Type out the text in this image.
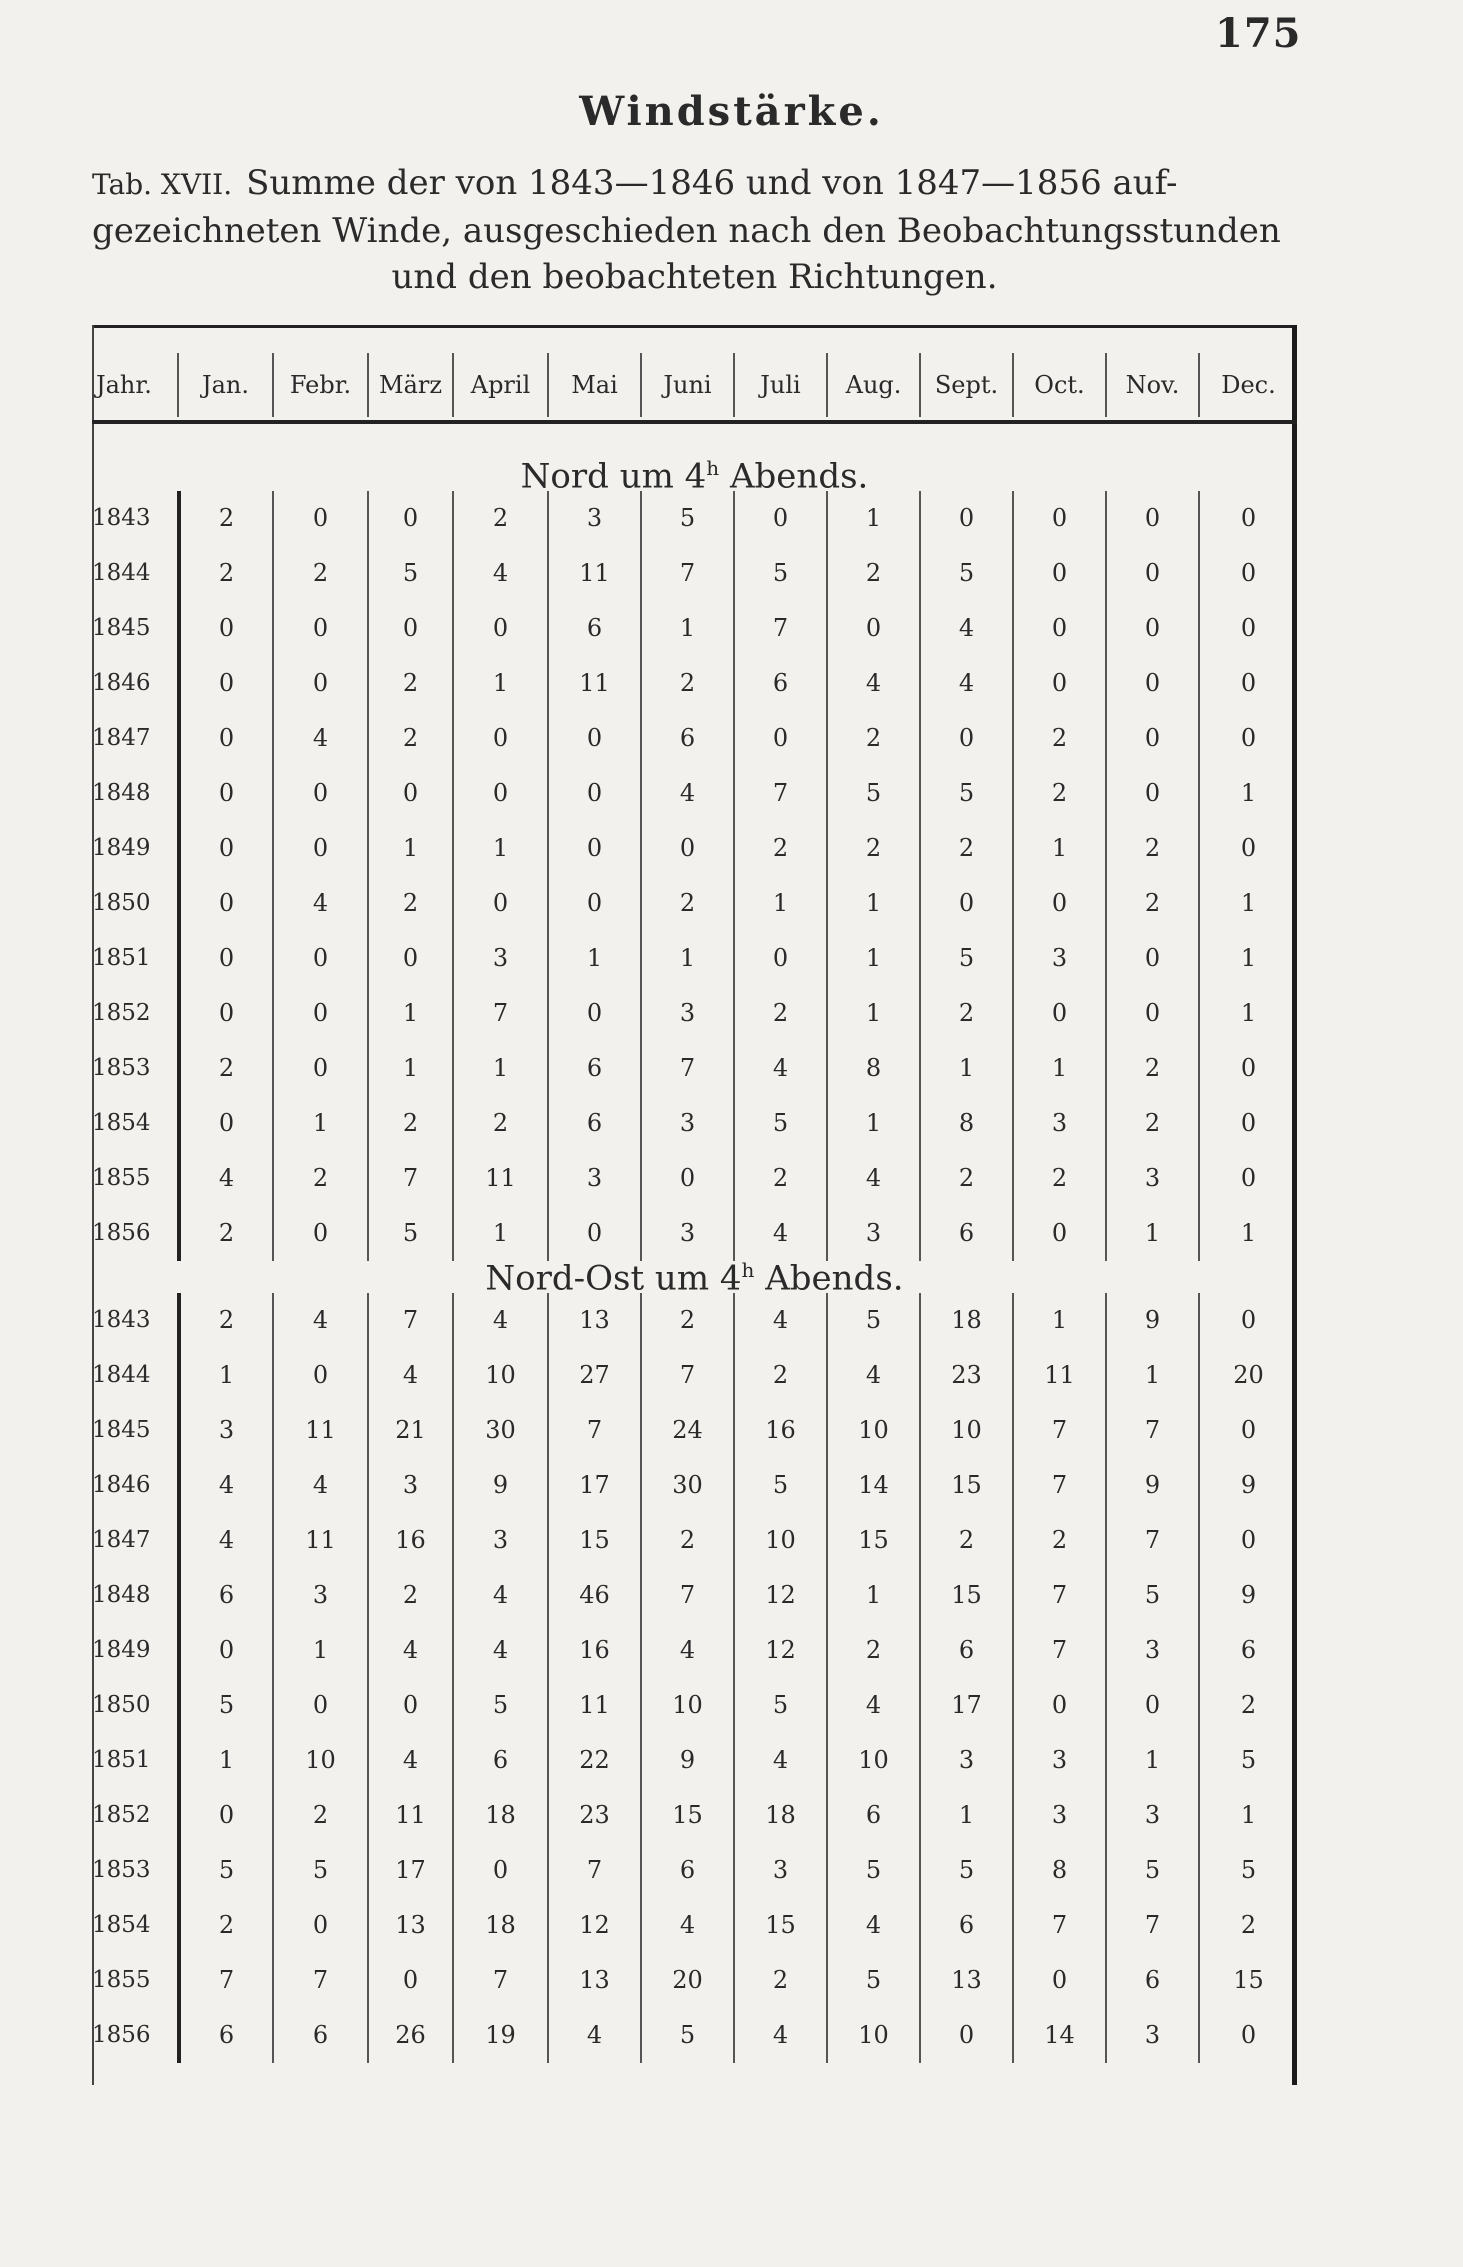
175
Windstärke.
Tab. XVII. Summe der von 1843—1846 und von 1847—1856 auf-
gezeichneten Winde, ausgeschieden nach den Beobachtungsstunden
und den beobachteten Richtungen.
Jahr.	Jan.	Febr.	März	April	Mai	Juni	Juli	Aug.	Sept.	Oct.	Nov.	Dec.
Nord um 4$^h$ Abends.
1843	2	0	0	2	3	5	0	1	0	0	0	0
1844	2	2	5	4	11	7	5	2	5	0	0	0
1845	0	0	0	0	6	1	7	0	4	0	0	0
1846	0	0	2	1	11	2	6	4	4	0	0	0
1847	0	4	2	0	0	6	0	2	0	2	0	0
1848	0	0	0	0	0	4	7	5	5	2	0	1
1849	0	0	1	1	0	0	2	2	2	1	2	0
1850	0	4	2	0	0	2	1	1	0	0	2	1
1851	0	0	0	3	1	1	0	1	5	3	0	1
1852	0	0	1	7	0	3	2	1	2	0	0	1
1853	2	0	1	1	6	7	4	8	1	1	2	0
1854	0	1	2	2	6	3	5	1	8	3	2	0
1855	4	2	7	11	3	0	2	4	2	2	3	0
1856	2	0	5	1	0	3	4	3	6	0	1	1
Nord-Ost um 4$^h$ Abends.
1843	2	4	7	4	13	2	4	5	18	1	9	0
1844	1	0	4	10	27	7	2	4	23	11	1	20
1845	3	11	21	30	7	24	16	10	10	7	7	0
1846	4	4	3	9	17	30	5	14	15	7	9	9
1847	4	11	16	3	15	2	10	15	2	2	7	0
1848	6	3	2	4	46	7	12	1	15	7	5	9
1849	0	1	4	4	16	4	12	2	6	7	3	6
1850	5	0	0	5	11	10	5	4	17	0	0	2
1851	1	10	4	6	22	9	4	10	3	3	1	5
1852	0	2	11	18	23	15	18	6	1	3	3	1
1853	5	5	17	0	7	6	3	5	5	8	5	5
1854	2	0	13	18	12	4	15	4	6	7	7	2
1855	7	7	0	7	13	20	2	5	13	0	6	15
1856	6	6	26	19	4	5	4	10	0	14	3	0
